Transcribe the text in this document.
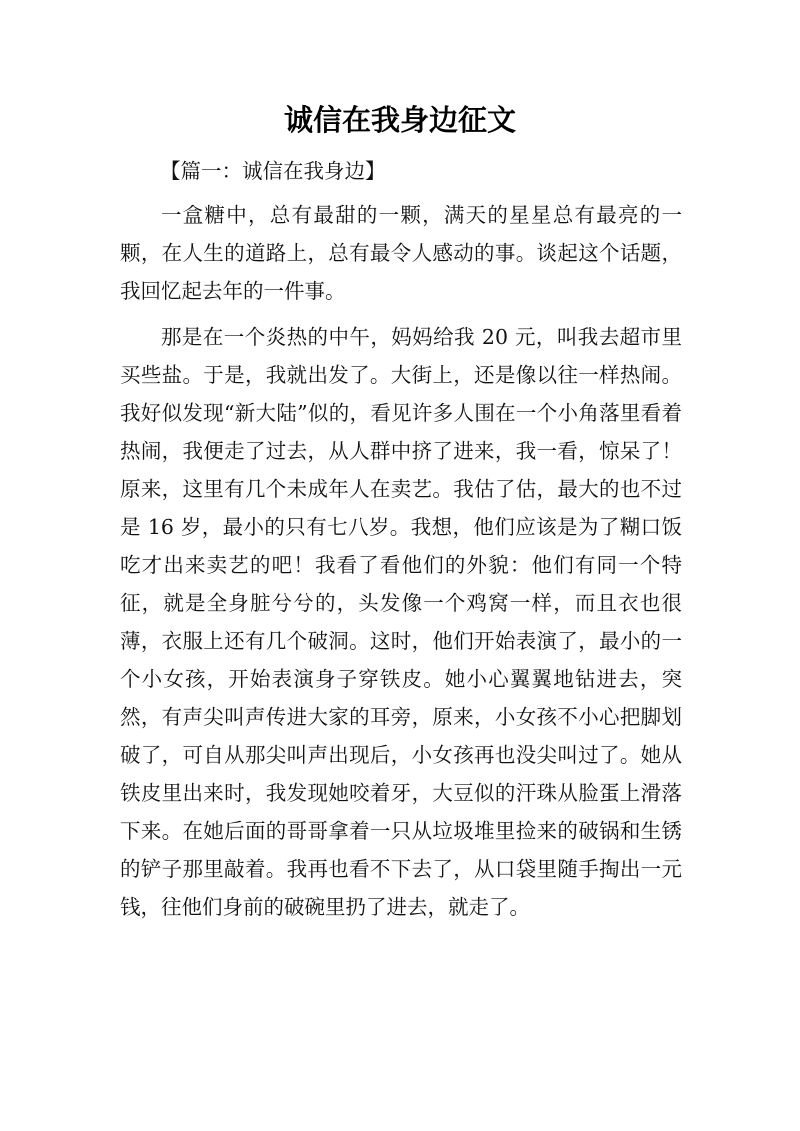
诚信在我身边征文

【篇一：诚信在我身边】

一盒糖中，总有最甜的一颗，满天的星星总有最亮的一颗，在人生的道路上，总有最令人感动的事。谈起这个话题，我回忆起去年的一件事。

那是在一个炎热的中午，妈妈给我 20 元，叫我去超市里买些盐。于是，我就出发了。大街上，还是像以往一样热闹。我好似发现“新大陆”似的，看见许多人围在一个小角落里看着热闹，我便走了过去，从人群中挤了进来，我一看，惊呆了！原来，这里有几个未成年人在卖艺。我估了估，最大的也不过是 16 岁，最小的只有七八岁。我想，他们应该是为了糊口饭吃才出来卖艺的吧！我看了看他们的外貌：他们有同一个特征，就是全身脏兮兮的，头发像一个鸡窝一样，而且衣也很薄，衣服上还有几个破洞。这时，他们开始表演了，最小的一个小女孩，开始表演身子穿铁皮。她小心翼翼地钻进去，突然，有声尖叫声传进大家的耳旁，原来，小女孩不小心把脚划破了，可自从那尖叫声出现后，小女孩再也没尖叫过了。她从铁皮里出来时，我发现她咬着牙，大豆似的汗珠从脸蛋上滑落下来。在她后面的哥哥拿着一只从垃圾堆里捡来的破锅和生锈的铲子那里敲着。我再也看不下去了，从口袋里随手掏出一元钱，往他们身前的破碗里扔了进去，就走了。
